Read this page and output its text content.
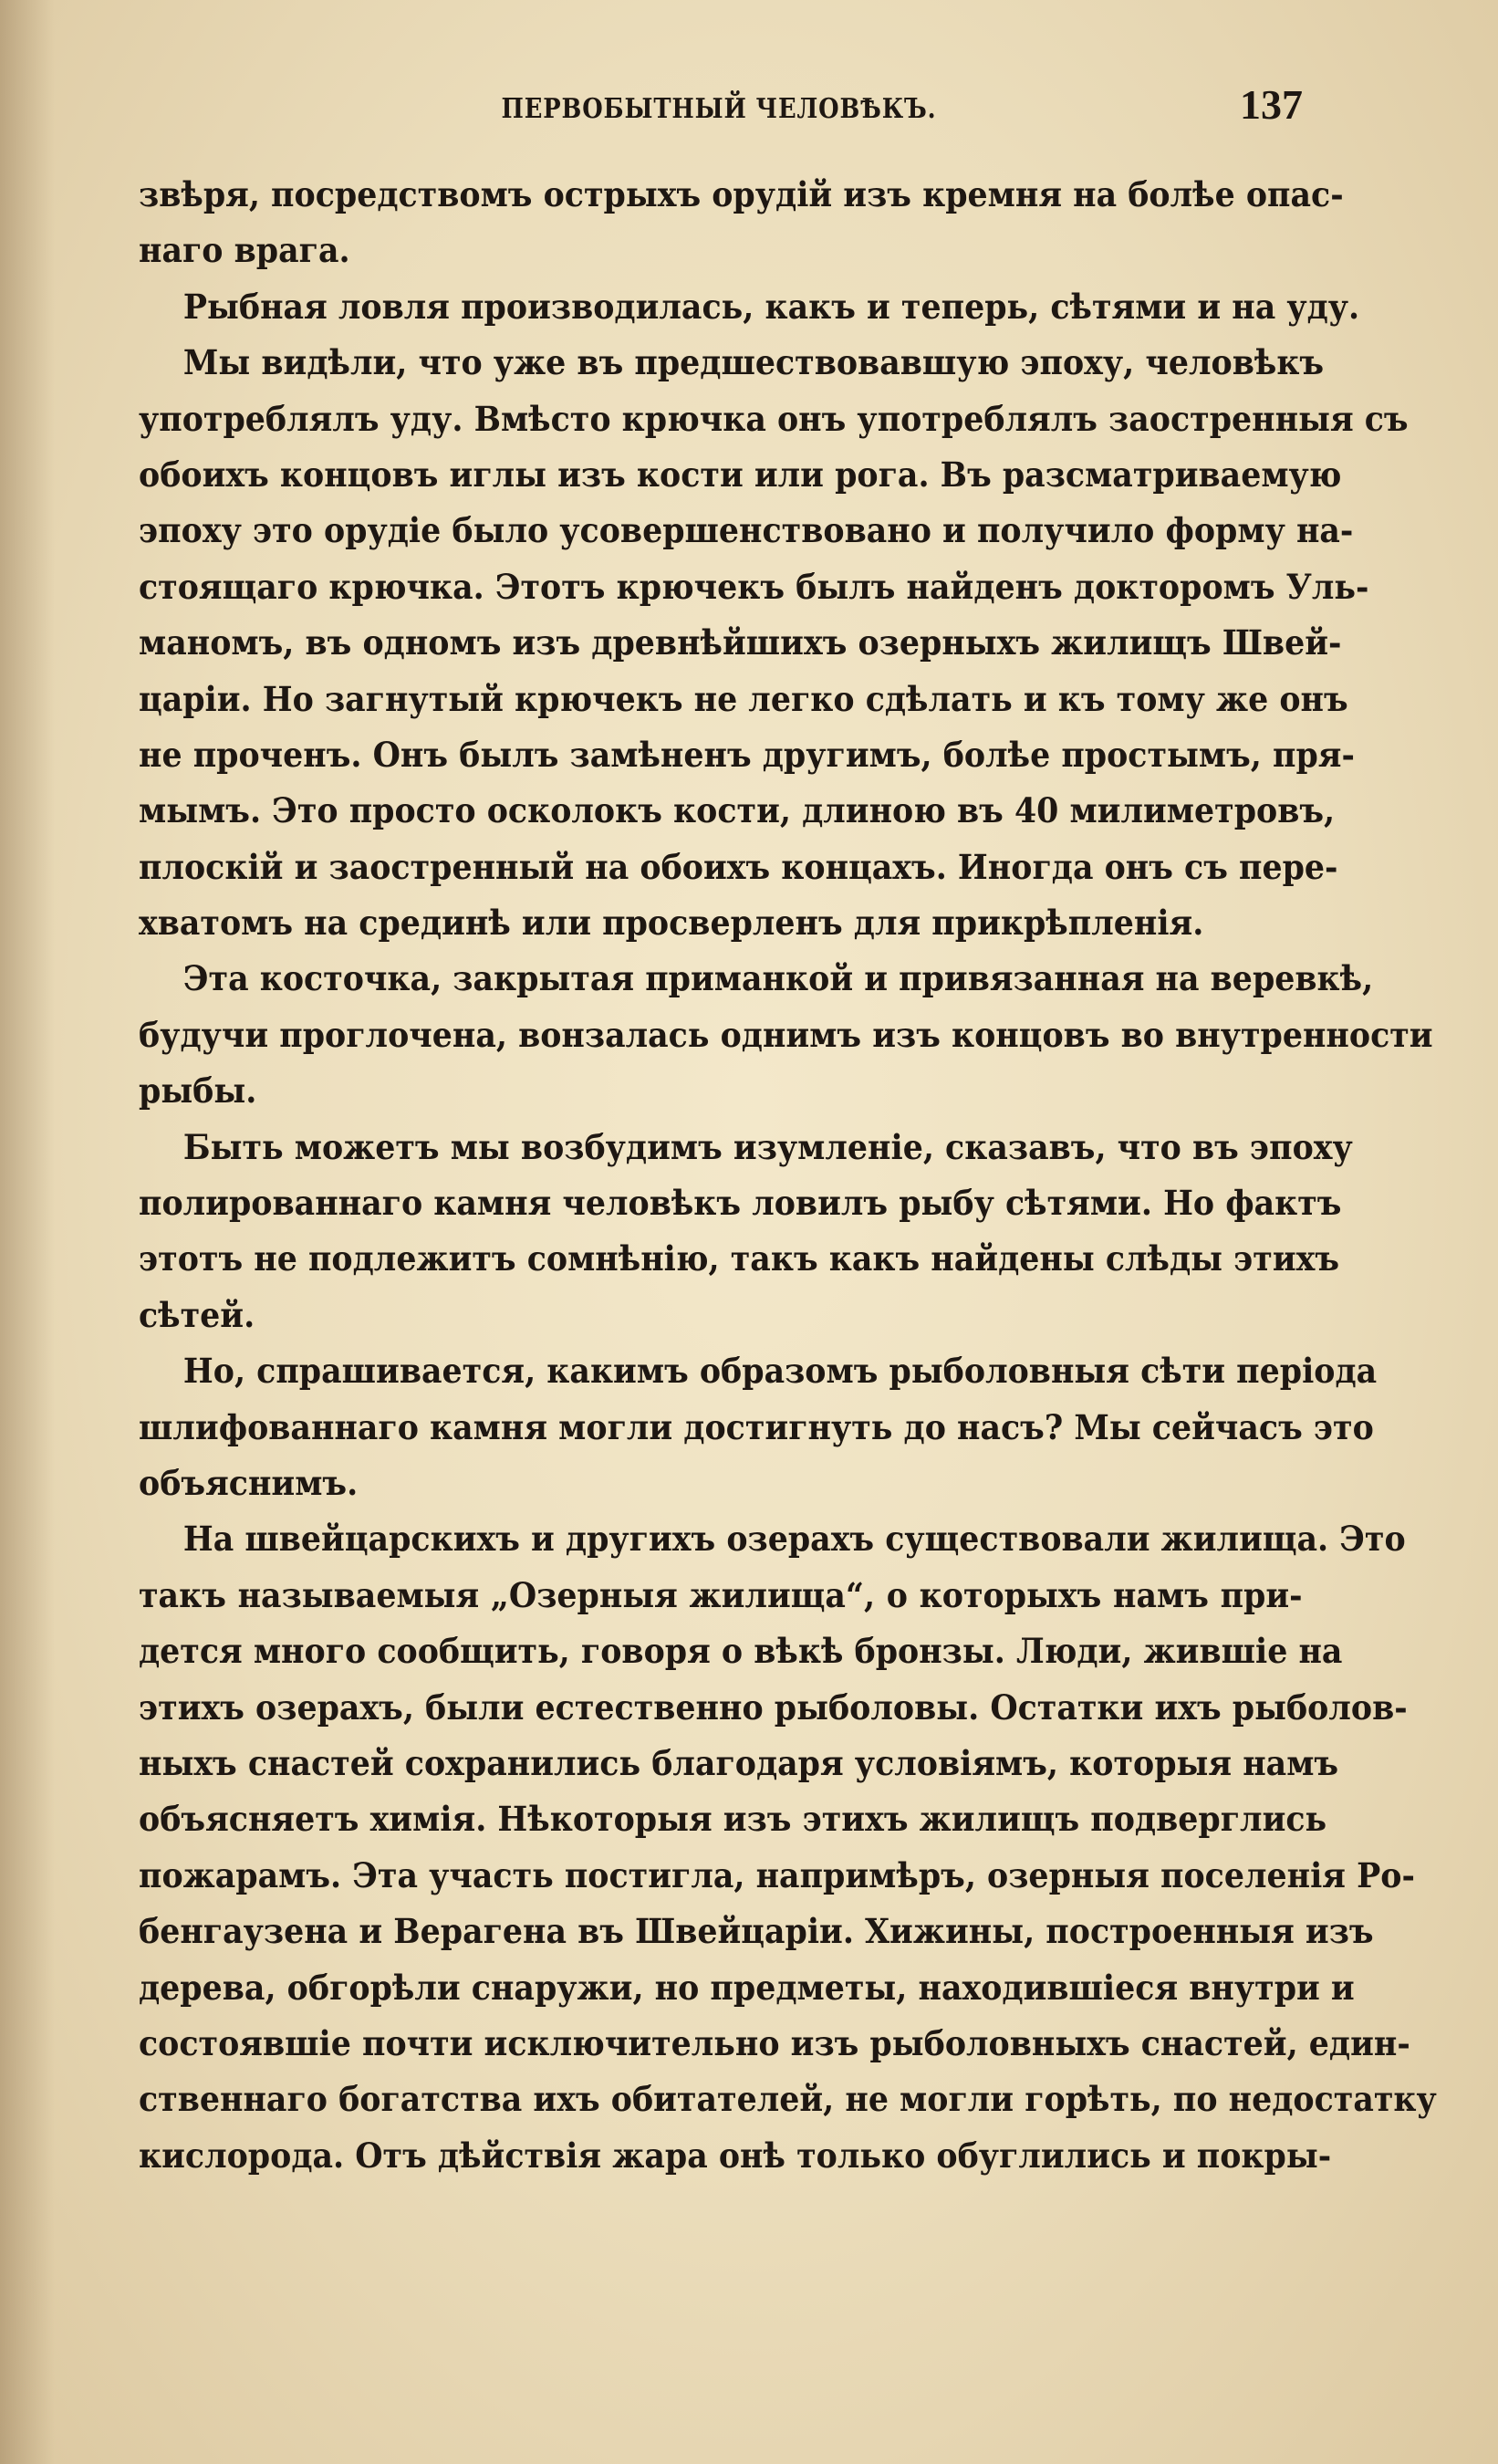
ПЕРВОБЫТНЫЙ ЧЕЛОВѢКЪ.	137
звѣря, посредствомъ острыхъ орудій изъ кремня на болѣе опас-
наго врага.
Рыбная ловля производилась, какъ и теперь, сѣтями и на уду.
Мы видѣли, что уже въ предшествовавшую эпоху, человѣкъ
употреблялъ уду. Вмѣсто крючка онъ употреблялъ заостренныя съ
обоихъ концовъ иглы изъ кости или рога. Въ разсматриваемую
эпоху это орудіе было усовершенствовано и получило форму на-
стоящаго крючка. Этотъ крючекъ былъ найденъ докторомъ Уль-
маномъ, въ одномъ изъ древнѣйшихъ озерныхъ жилищъ Швей-
царіи. Но загнутый крючекъ не легко сдѣлать и къ тому же онъ
не проченъ. Онъ былъ замѣненъ другимъ, болѣе простымъ, пря-
мымъ. Это просто осколокъ кости, длиною въ 40 милиметровъ,
плоскій и заостренный на обоихъ концахъ. Иногда онъ съ пере-
хватомъ на срединѣ или просверленъ для прикрѣпленія.
Эта косточка, закрытая приманкой и привязанная на веревкѣ,
будучи проглочена, вонзалась однимъ изъ концовъ во внутренности
рыбы.
Быть можетъ мы возбудимъ изумленіе, сказавъ, что въ эпоху
полированнаго камня человѣкъ ловилъ рыбу сѣтями. Но фактъ
этотъ не подлежитъ сомнѣнію, такъ какъ найдены слѣды этихъ
сѣтей.
Но, спрашивается, какимъ образомъ рыболовныя сѣти періода
шлифованнаго камня могли достигнуть до насъ? Мы сейчасъ это
объяснимъ.
На швейцарскихъ и другихъ озерахъ существовали жилища. Это
такъ называемыя „Озерныя жилища“, о которыхъ намъ при-
дется много сообщить, говоря о вѣкѣ бронзы. Люди, жившіе на
этихъ озерахъ, были естественно рыболовы. Остатки ихъ рыболов-
ныхъ снастей сохранились благодаря условіямъ, которыя намъ
объясняетъ химія. Нѣкоторыя изъ этихъ жилищъ подверглись
пожарамъ. Эта участь постигла, напримѣръ, озерныя поселенія Ро-
бенгаузена и Верагена въ Швейцаріи. Хижины, построенныя изъ
дерева, обгорѣли снаружи, но предметы, находившіеся внутри и
состоявшіе почти исключительно изъ рыболовныхъ снастей, един-
ственнаго богатства ихъ обитателей, не могли горѣть, по недостатку
кислорода. Отъ дѣйствія жара онѣ только обуглились и покры-
